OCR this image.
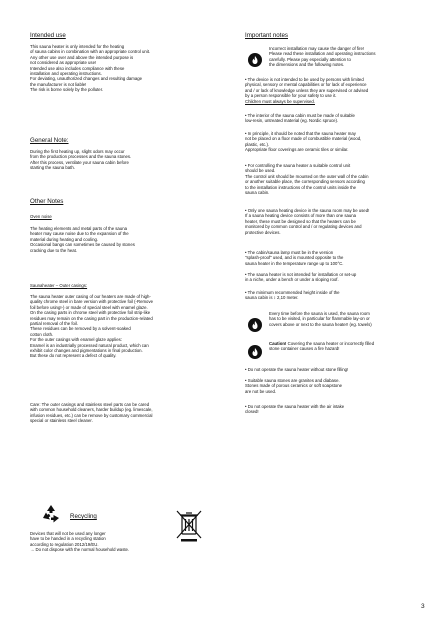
Intended use

This sauna heater is only intended for the heating
of sauna cabins in combination with an appropriate control unit.
Any other use over and above the intended purpose is
not considered as appropriate use!
Intended use also includes compliance with these
installation and operating instructions.
For deviating, unauthorized changes and resulting damage
the manufacturer is not liable!
The risk is borne solely by the polluter.

General Note:

During the first heating up, slight odors may occur
from the production processes and the sauna stones.
After this process, ventilate your sauna cabin before
starting the sauna bath.

Other Notes

Oven noise

The heating elements and metal parts of the sauna
heater may cause noise due to the expansion of the
material during heating and cooling.
Occasional bangs can sometimes be caused by stones
cracking due to the heat.

Saunaheater – Outer casings:

The sauna heater outer casing of our heaters are made of high-
quality chrome steel in bare version with protective foil (-Remove
foil before using!-) or made of special steel with enamel glaze.
On the casing parts in chrome steel with protective foil strip-like
residues may remain on the casing part in the production-related
partial removal of the foil.
These residues can be removed by a solvent-soaked
cotton cloth.
For the outer casings with enamel glaze applies:
Enamel is an industrially processed natural product, which can
exhibit color changes and pigmentations in final production.
But these do not represent a defect of quality.

Care: The outer casings and stainless steel parts can be cared
with common household cleaners, harder buildup (eg. limescale,
infusion residues, etc.) can be remove by customary commercial
special or stainless steel cleaner.

Recycling

Devices that will not be used any longer
have to be handed in a recycling station
according to regulation 2012/19/EU.
→ Do not dispose with the normal household waste.

Important notes

Incorrect installation may cause the danger of fire!
Please read these installation and operating instructions
carefully. Please pay especially attention to
the dimensions and the following notes.

• The device is not intended to be used by persons with limited
physical, sensory or mental capabilities or for lack of experience
and / or lack of knowledge unless they are supervised or advised
by a person responsible for your safety to use it.

Children must always be supervised.

• The interior of the sauna cabin must be made of suitable
low-resin, untreated material (eg. Nordic spruce).

• In principle, it should be noted that the sauna heater may
not be placed on a floor made of combustible material (wood,
plastic, etc.).
Appropriate floor coverings are ceramic tiles or similar.

• For controlling the sauna heater a suitable control unit
should be used.
The control unit should be mounted on the outer wall of the cabin
or another suitable place, the corresponding sensors according
to the installation instructions of the control units inside the
sauna cabin.

• Only one sauna heating device in the sauna room may be used!
If a sauna heating device consists of more than one sauna
heater, these must be designed so that the heaters can be
monitored by common control and / or regulating devices and
protective devices.

• The cabin/sauna lamp must be in the version
"splash-proof" used, and is mounted opposite to the
sauna heater in the temperature range up to 100°C.

• The sauna heater is not intended for installation or set-up
in a niche, under a bench or under a sloping roof.

• The minimum recommended height inside of the
sauna cabin is ↕ 2,10 meter.

Every time before the sauna is used, the sauna room
has to be visited, in particular for flammable lay-on or
covers above or next to the sauna heater! (eg. towels)

Caution! Covering the sauna heater or incorrectly filled
stone container causes a fire hazard!

• Do not operate the sauna heater without stone filling!

• Suitable sauna stones are granites and diabase.
Stones made of porous ceramics or soft soapstone
are not be used.

• Do not operate the sauna heater with the air intake
closed!

3
